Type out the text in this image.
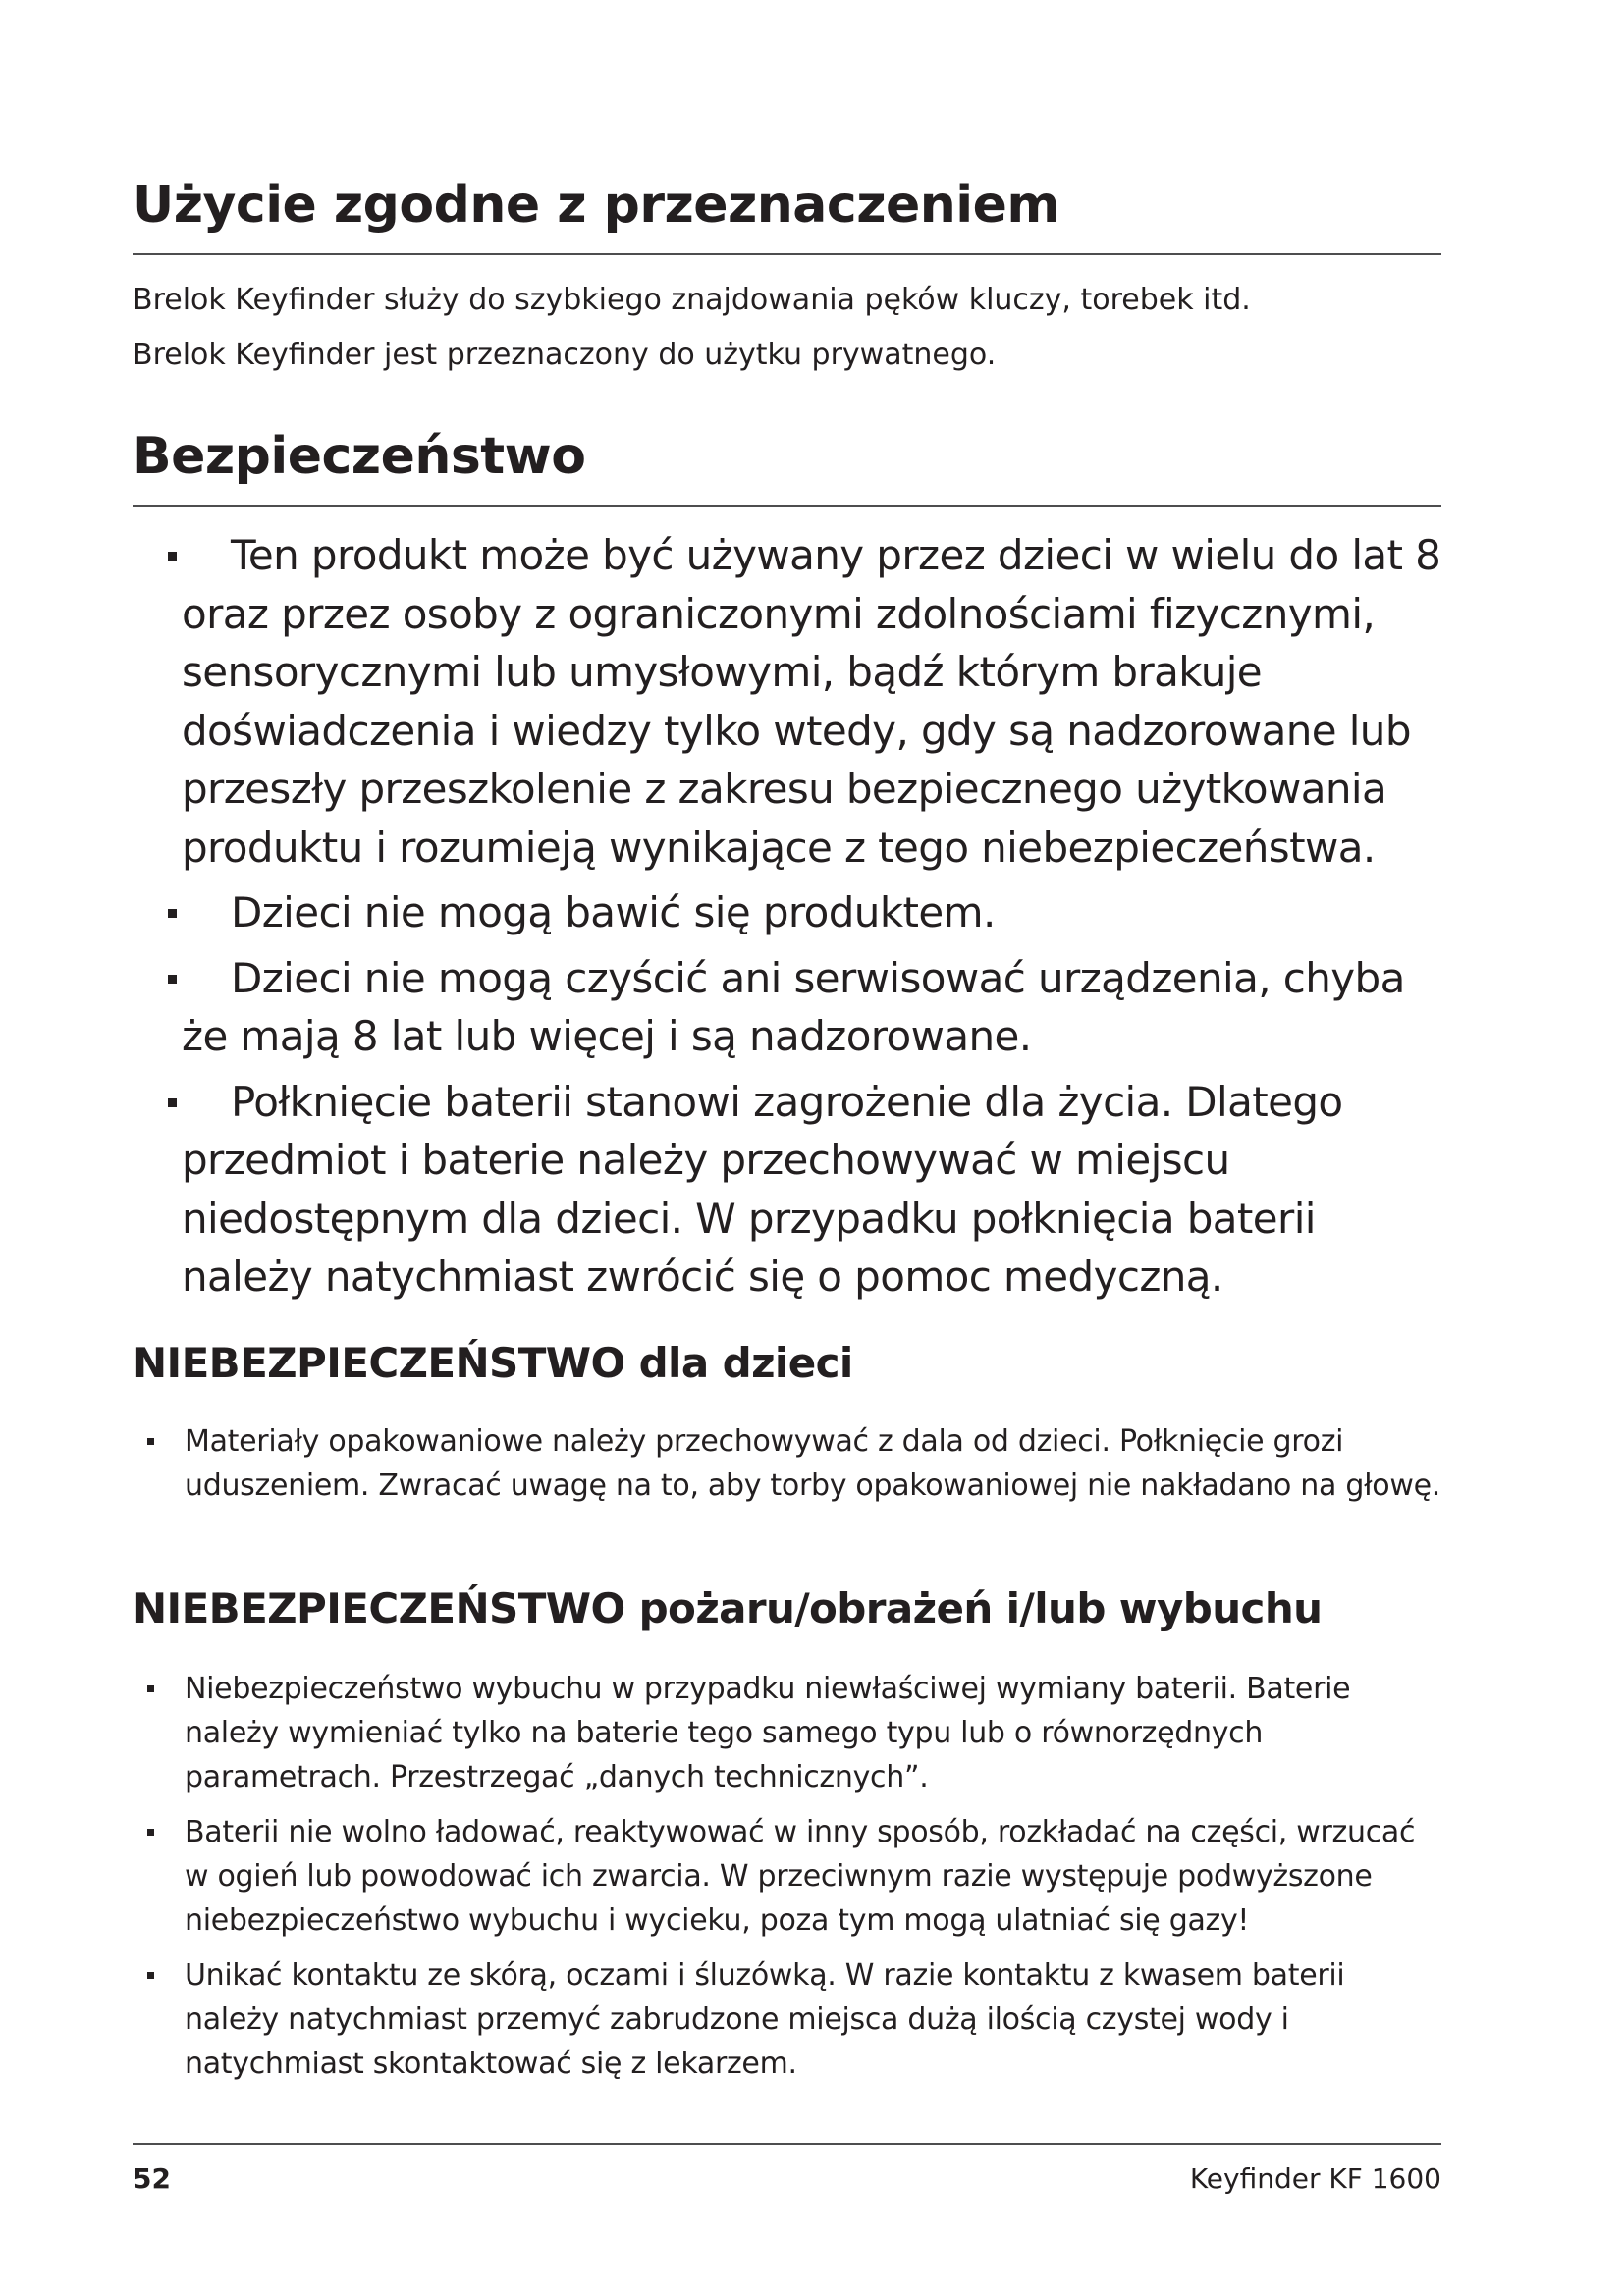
Użycie zgodne z przeznaczeniem

Brelok Keyfinder służy do szybkiego znajdowania pęków kluczy, torebek itd.

Brelok Keyfinder jest przeznaczony do użytku prywatnego.

Bezpieczeństwo
Ten produkt może być używany przez dzieci w wielu do lat 8 oraz przez osoby z ograniczonymi zdolnościami fizycznymi, sensorycznymi lub umysłowymi, bądź którym brakuje doświadczenia i wiedzy tylko wtedy, gdy są nadzorowane lub przeszły przeszkolenie z zakresu bezpiecznego użytkowania produktu i rozumieją wynikające z tego niebezpieczeństwa.
Dzieci nie mogą bawić się produktem.
Dzieci nie mogą czyścić ani serwisować urządzenia, chyba że mają 8 lat lub więcej i są nadzorowane.
Połknięcie baterii stanowi zagrożenie dla życia. Dlatego przedmiot i baterie należy przechowywać w miejscu niedostępnym dla dzieci. W przypadku połknięcia baterii należy natychmiast zwrócić się o pomoc medyczną.
NIEBEZPIECZEŃSTWO dla dzieci
Materiały opakowaniowe należy przechowywać z dala od dzieci. Połknięcie grozi uduszeniem. Zwracać uwagę na to, aby torby opakowaniowej nie nakładano na głowę.
NIEBEZPIECZEŃSTWO pożaru/obrażeń i/lub wybuchu
Niebezpieczeństwo wybuchu w przypadku niewłaściwej wymiany baterii. Baterie należy wymieniać tylko na baterie tego samego typu lub o równorzędnych parametrach. Przestrzegać „danych technicznych”.
Baterii nie wolno ładować, reaktywować w inny sposób, rozkładać na części, wrzucać w ogień lub powodować ich zwarcia. W przeciwnym razie występuje podwyższone niebezpieczeństwo wybuchu i wycieku, poza tym mogą ulatniać się gazy!
Unikać kontaktu ze skórą, oczami i śluzówką. W razie kontaktu z kwasem baterii należy natychmiast przemyć zabrudzone miejsca dużą ilością czystej wody i natychmiast skontaktować się z lekarzem.
52	Keyfinder KF 1600
